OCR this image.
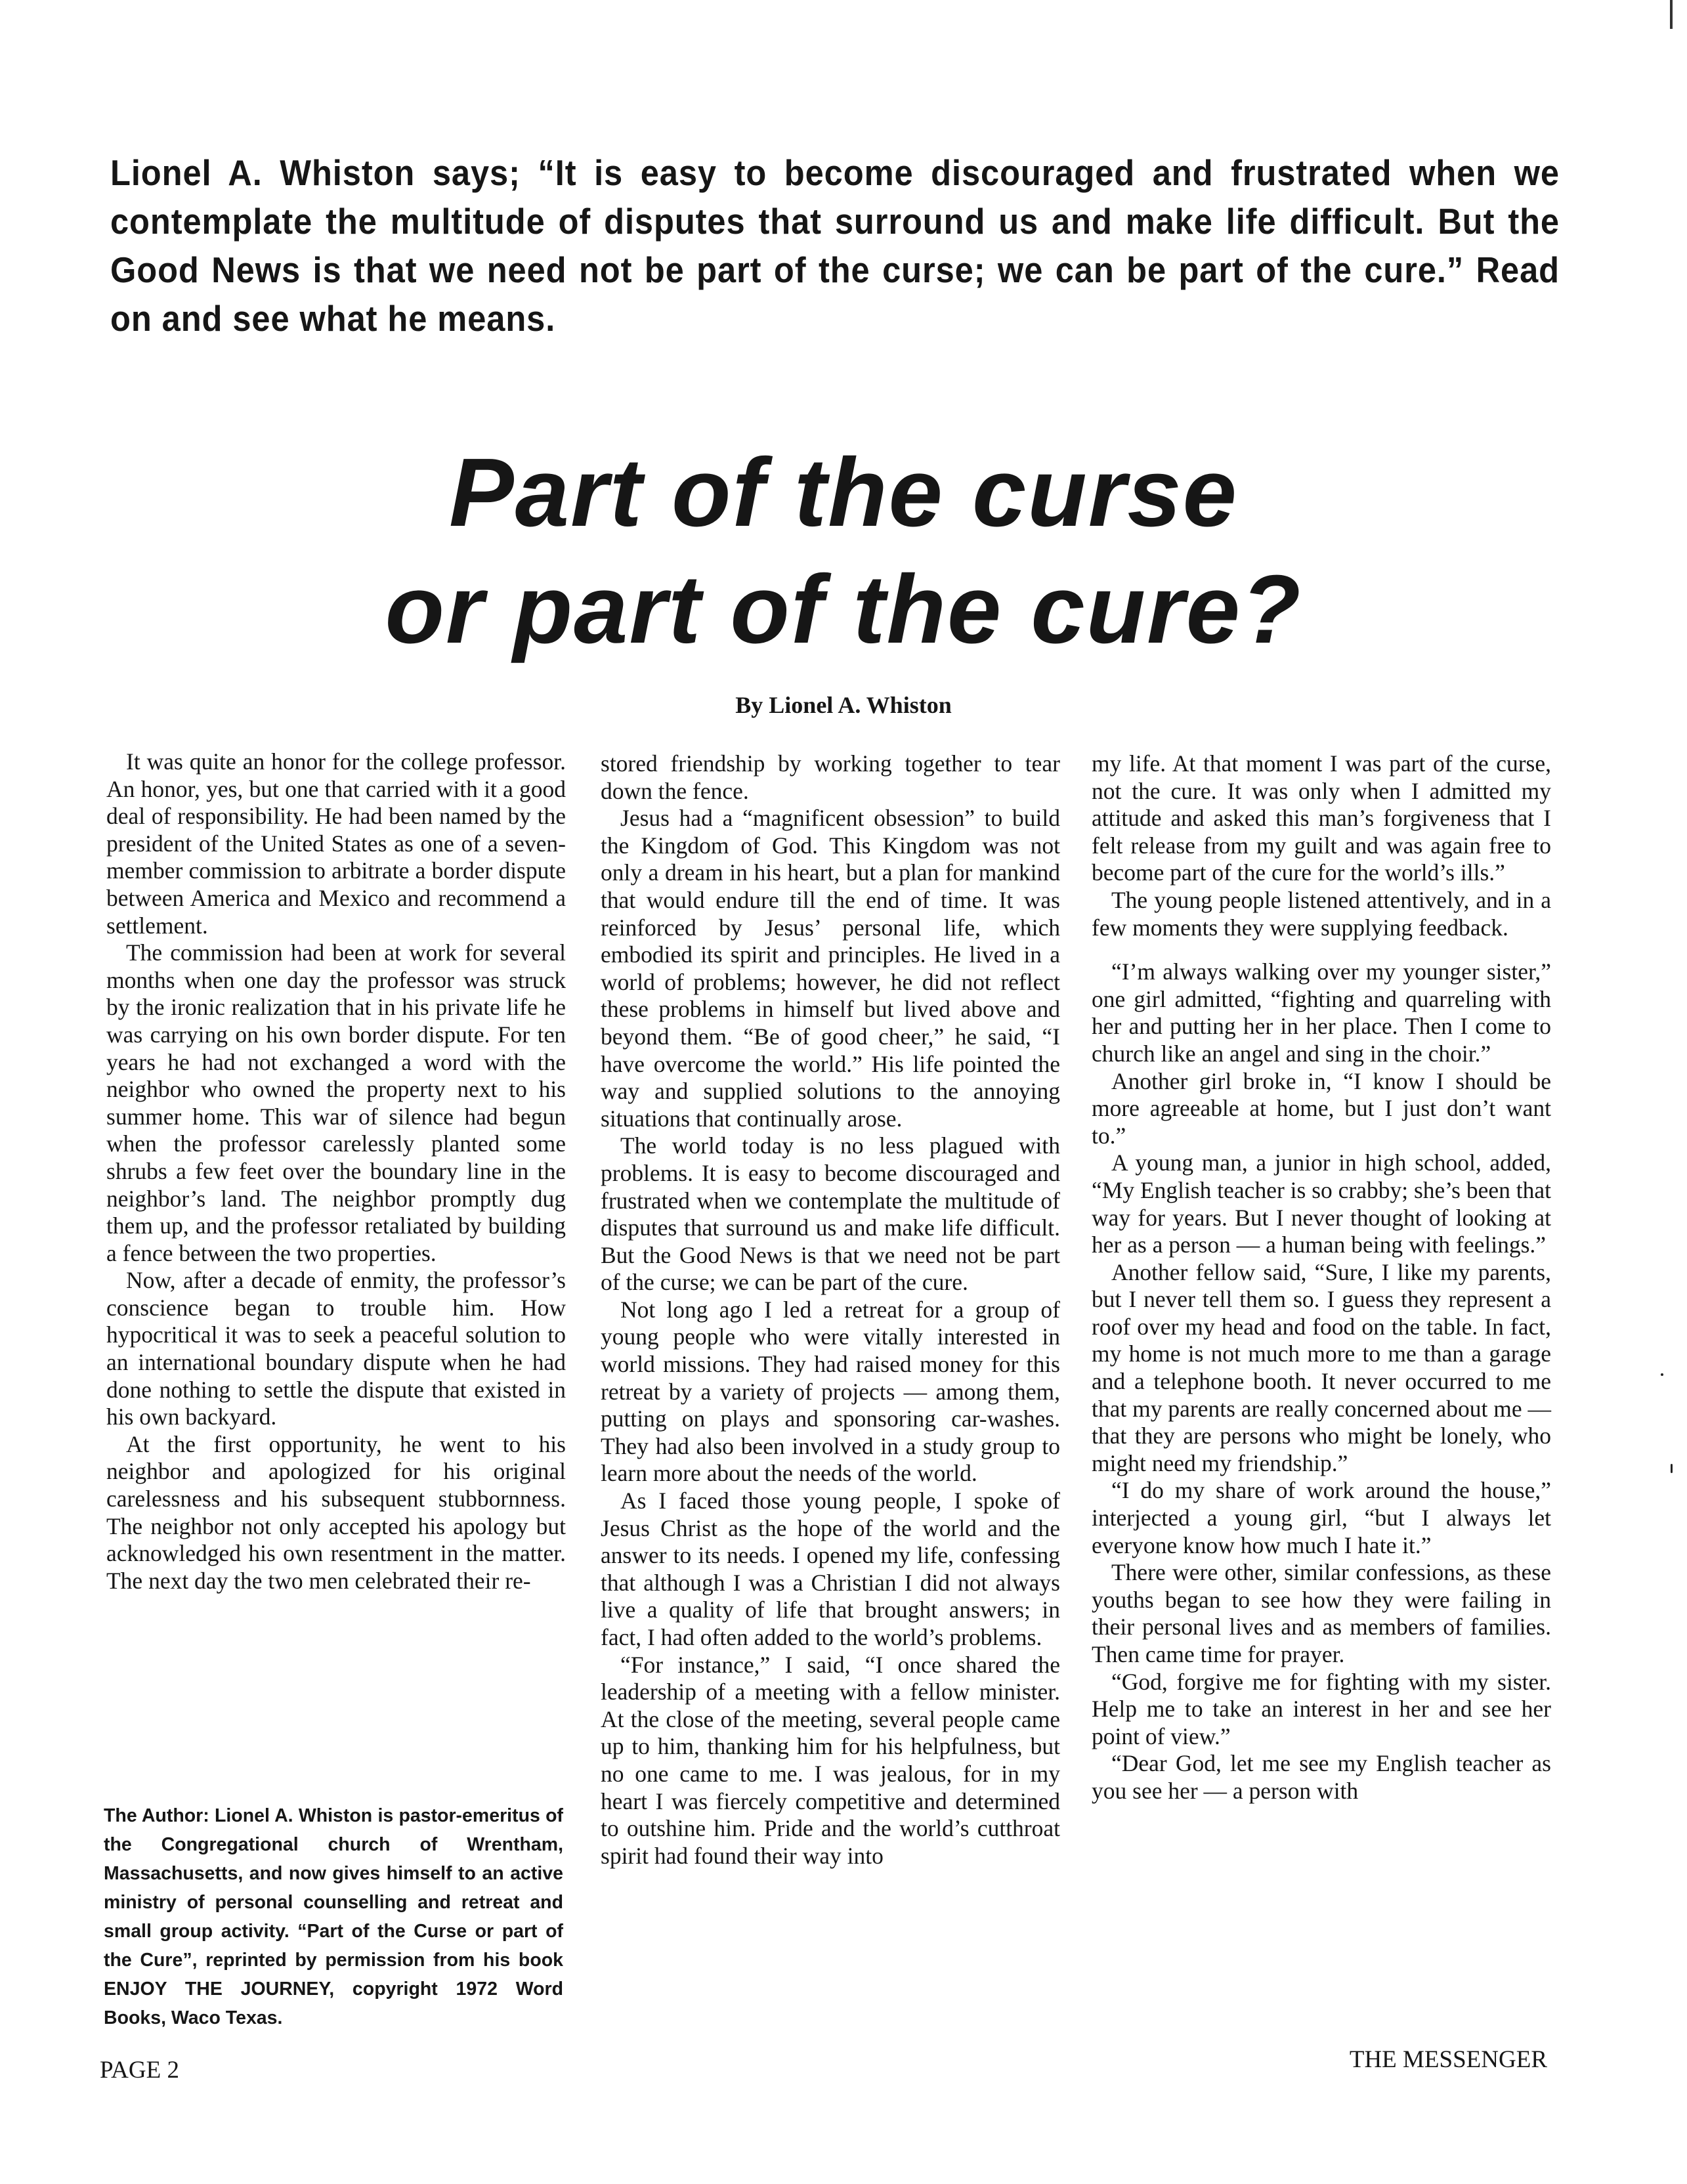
Lionel A. Whiston says; “It is easy to become discouraged and frustrated when we contemplate the multitude of disputes that surround us and make life difficult. But the Good News is that we need not be part of the curse; we can be part of the cure.” Read on and see what he means.
Part of the curse
or part of the cure?
By Lionel A. Whiston

It was quite an honor for the college professor. An honor, yes, but one that carried with it a good deal of responsibility. He had been named by the president of the United States as one of a seven-member commission to arbitrate a border dispute between America and Mexico and recommend a settlement.

The commission had been at work for several months when one day the professor was struck by the ironic realization that in his private life he was carrying on his own border dispute. For ten years he had not exchanged a word with the neighbor who owned the property next to his summer home. This war of silence had begun when the professor carelessly planted some shrubs a few feet over the boundary line in the neighbor’s land. The neighbor promptly dug them up, and the professor retaliated by building a fence between the two properties.

Now, after a decade of enmity, the professor’s conscience began to trouble him. How hypocritical it was to seek a peaceful solution to an international boundary dispute when he had done nothing to settle the dispute that existed in his own backyard.

At the first opportunity, he went to his neighbor and apologized for his original carelessness and his subsequent stubbornness. The neighbor not only accepted his apology but acknowledged his own resentment in the matter. The next day the two men celebrated their re-

The Author: Lionel A. Whiston is pastor-emeritus of the Congregational church of Wrentham, Massachusetts, and now gives himself to an active ministry of personal counselling and retreat and small group activity. “Part of the Curse or part of the Cure”, reprinted by permission from his book ENJOY THE JOURNEY, copyright 1972 Word Books, Waco Texas.

stored friendship by working together to tear down the fence.

Jesus had a “magnificent obsession” to build the Kingdom of God. This Kingdom was not only a dream in his heart, but a plan for mankind that would endure till the end of time. It was reinforced by Jesus’ personal life, which embodied its spirit and principles. He lived in a world of problems; however, he did not reflect these problems in himself but lived above and beyond them. “Be of good cheer,” he said, “I have overcome the world.” His life pointed the way and supplied solutions to the annoying situations that continually arose.

The world today is no less plagued with problems. It is easy to become discouraged and frustrated when we contemplate the multitude of disputes that surround us and make life difficult. But the Good News is that we need not be part of the curse; we can be part of the cure.

Not long ago I led a retreat for a group of young people who were vitally interested in world missions. They had raised money for this retreat by a variety of projects — among them, putting on plays and sponsoring car-washes. They had also been involved in a study group to learn more about the needs of the world.

As I faced those young people, I spoke of Jesus Christ as the hope of the world and the answer to its needs. I opened my life, confessing that although I was a Christian I did not always live a quality of life that brought answers; in fact, I had often added to the world’s problems.

“For instance,” I said, “I once shared the leadership of a meeting with a fellow minister. At the close of the meeting, several people came up to him, thanking him for his helpfulness, but no one came to me. I was jealous, for in my heart I was fiercely competitive and determined to outshine him. Pride and the world’s cutthroat spirit had found their way into

my life. At that moment I was part of the curse, not the cure. It was only when I admitted my attitude and asked this man’s forgiveness that I felt release from my guilt and was again free to become part of the cure for the world’s ills.”

The young people listened attentively, and in a few moments they were supplying feedback.

“I’m always walking over my younger sister,” one girl admitted, “fighting and quarreling with her and putting her in her place. Then I come to church like an angel and sing in the choir.”

Another girl broke in, “I know I should be more agreeable at home, but I just don’t want to.”

A young man, a junior in high school, added, “My English teacher is so crabby; she’s been that way for years. But I never thought of looking at her as a person — a human being with feelings.”

Another fellow said, “Sure, I like my parents, but I never tell them so. I guess they represent a roof over my head and food on the table. In fact, my home is not much more to me than a garage and a telephone booth. It never occurred to me that my parents are really concerned about me — that they are persons who might be lonely, who might need my friendship.”

“I do my share of work around the house,” interjected a young girl, “but I always let everyone know how much I hate it.”

There were other, similar confessions, as these youths began to see how they were failing in their personal lives and as members of families. Then came time for prayer.

“God, forgive me for fighting with my sister. Help me to take an interest in her and see her point of view.”

“Dear God, let me see my English teacher as you see her — a person with

PAGE 2	THE MESSENGER
